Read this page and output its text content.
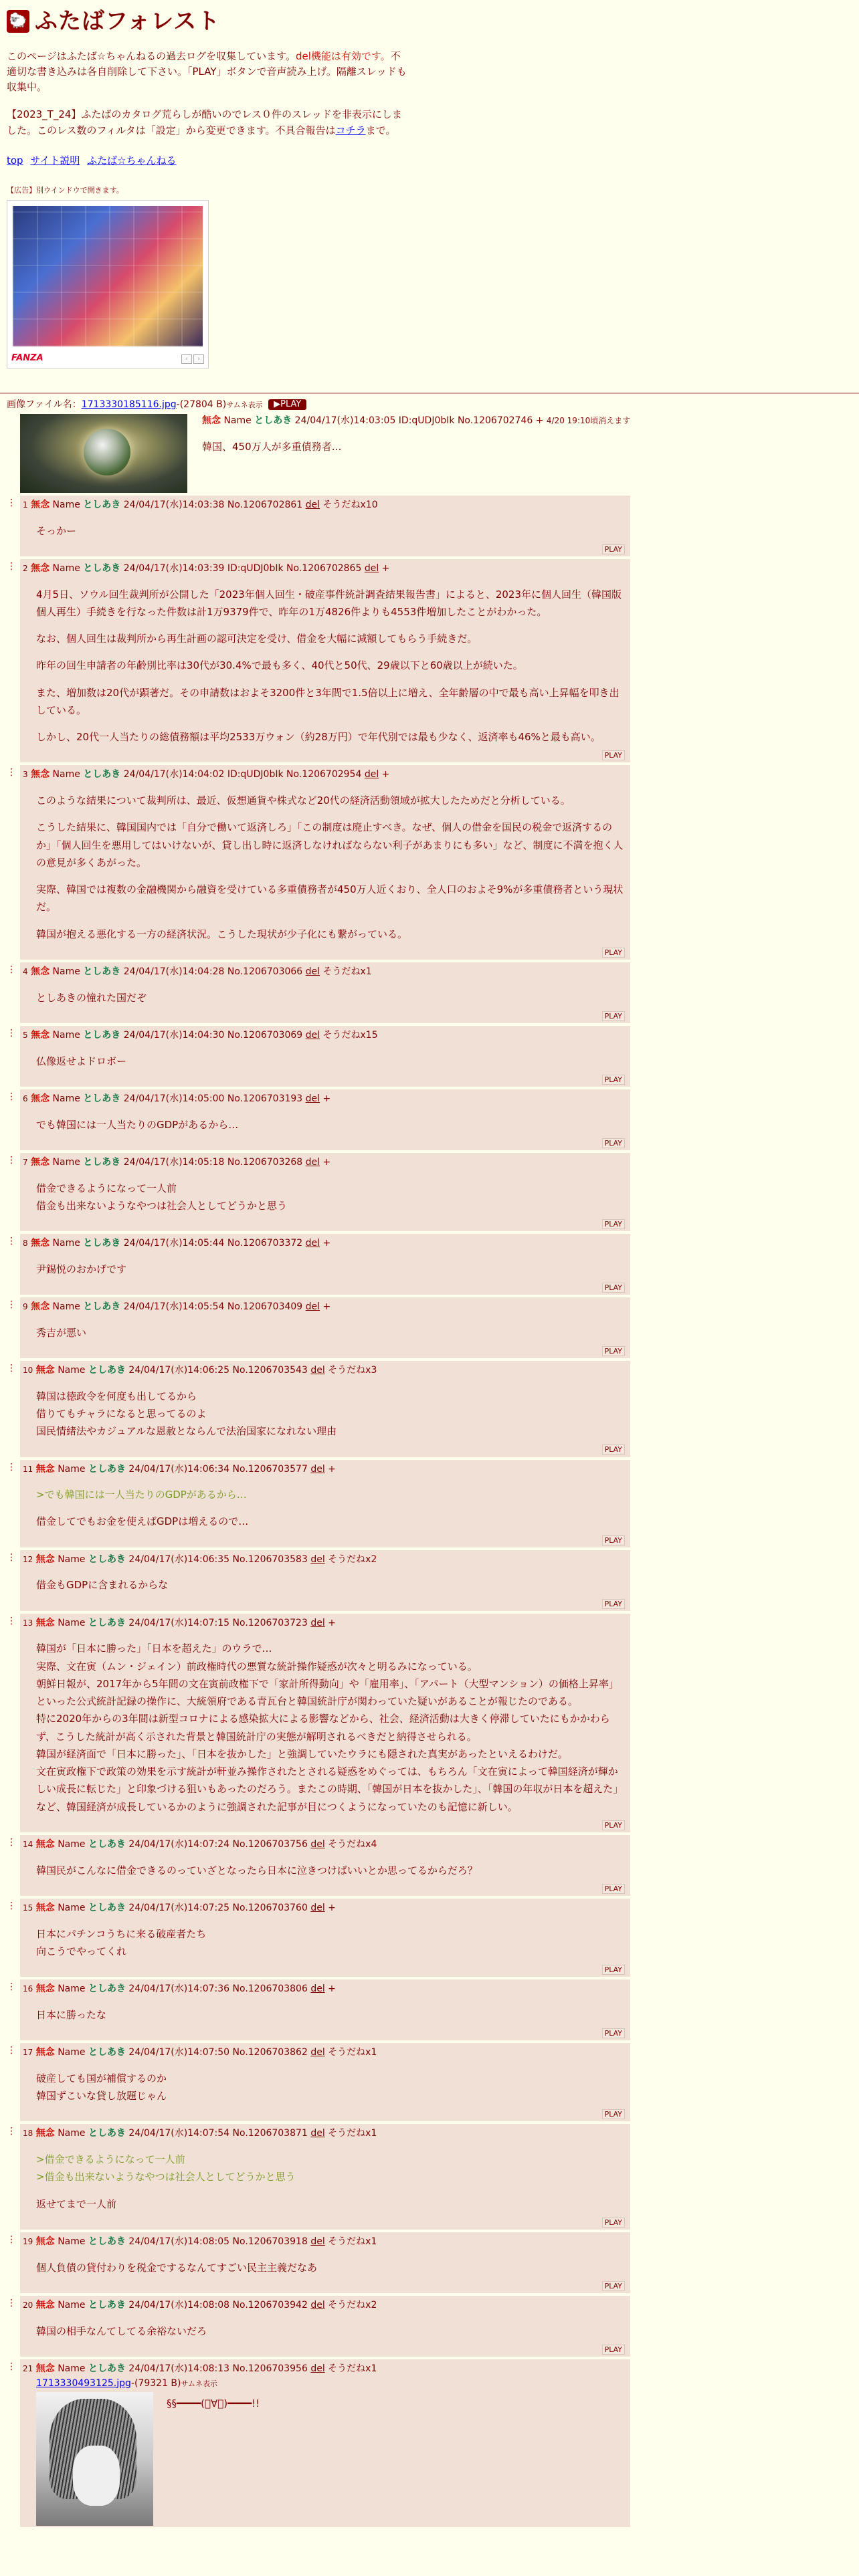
🐑 ふたばフォレスト
このページはふたば☆ちゃんねるの過去ログを収集しています。del機能は有効です。不適切な書き込みは各自削除して下さい。「PLAY」ボタンで音声読み上げ。隔離スレッドも収集中。
【2023_T_24】ふたばのカタログ荒らしが酷いのでレス０件のスレッドを非表示にしました。このレス数のフィルタは「設定」から変更できます。不具合報告はコチラまで。
top サイト説明 ふたば☆ちゃんねる
【広告】別ウインドウで開きます。
FANZA	‹	›
画像ファイル名：1713330185116.jpg-(27804 B)サムネ表示 ▶PLAY
無念 Name としあき 24/04/17(水)14:03:05 ID:qUDJ0bIk No.1206702746 + 4/20 19:10頃消えます
韓国、450万人が多重債務者…
⋮ 1 無念 Name としあき 24/04/17(水)14:03:38 No.1206702861 del そうだねx10

そっかー

PLAY
⋮ 2 無念 Name としあき 24/04/17(水)14:03:39 ID:qUDJ0bIk No.1206702865 del +

4月5日、ソウル回生裁判所が公開した「2023年個人回生・破産事件統計調査結果報告書」によると、2023年に個人回生（韓国版個人再生）手続きを行なった件数は計1万9379件で、昨年の1万4826件よりも4553件増加したことがわかった。

なお、個人回生は裁判所から再生計画の認可決定を受け、借金を大幅に減額してもらう手続きだ。

昨年の回生申請者の年齢別比率は30代が30.4%で最も多く、40代と50代、29歳以下と60歳以上が続いた。

また、増加数は20代が顕著だ。その申請数はおよそ3200件と3年間で1.5倍以上に増え、全年齢層の中で最も高い上昇幅を叩き出している。

しかし、20代一人当たりの総債務額は平均2533万ウォン（約28万円）で年代別では最も少なく、返済率も46%と最も高い。

PLAY
⋮ 3 無念 Name としあき 24/04/17(水)14:04:02 ID:qUDJ0bIk No.1206702954 del +

このような結果について裁判所は、最近、仮想通貨や株式など20代の経済活動領域が拡大したためだと分析している。

こうした結果に、韓国国内では「自分で働いて返済しろ」「この制度は廃止すべき。なぜ、個人の借金を国民の税金で返済するのか」「個人回生を悪用してはいけないが、貸し出し時に返済しなければならない利子があまりにも多い」など、制度に不満を抱く人の意見が多くあがった。

実際、韓国では複数の金融機関から融資を受けている多重債務者が450万人近くおり、全人口のおよそ9%が多重債務者という現状だ。

韓国が抱える悪化する一方の経済状況。こうした現状が少子化にも繋がっている。

PLAY
⋮ 4 無念 Name としあき 24/04/17(水)14:04:28 No.1206703066 del そうだねx1

としあきの憧れた国だぞ

PLAY
⋮ 5 無念 Name としあき 24/04/17(水)14:04:30 No.1206703069 del そうだねx15

仏像返せよドロボー

PLAY
⋮ 6 無念 Name としあき 24/04/17(水)14:05:00 No.1206703193 del +

でも韓国には一人当たりのGDPがあるから…

PLAY
⋮ 7 無念 Name としあき 24/04/17(水)14:05:18 No.1206703268 del +

借金できるようになって一人前
借金も出来ないようなやつは社会人としてどうかと思う

PLAY
⋮ 8 無念 Name としあき 24/04/17(水)14:05:44 No.1206703372 del +

尹錫悦のおかげです

PLAY
⋮ 9 無念 Name としあき 24/04/17(水)14:05:54 No.1206703409 del +

秀吉が悪い

PLAY
⋮ 10 無念 Name としあき 24/04/17(水)14:06:25 No.1206703543 del そうだねx3

韓国は徳政令を何度も出してるから
借りてもチャラになると思ってるのよ
国民情緒法やカジュアルな恩赦とならんで法治国家になれない理由

PLAY
⋮ 11 無念 Name としあき 24/04/17(水)14:06:34 No.1206703577 del +

>でも韓国には一人当たりのGDPがあるから…

借金してでもお金を使えばGDPは増えるので…

PLAY
⋮ 12 無念 Name としあき 24/04/17(水)14:06:35 No.1206703583 del そうだねx2

借金もGDPに含まれるからな

PLAY
⋮ 13 無念 Name としあき 24/04/17(水)14:07:15 No.1206703723 del +

韓国が「日本に勝った」「日本を超えた」のウラで…
実際、文在寅（ムン・ジェイン）前政権時代の悪質な統計操作疑惑が次々と明るみになっている。
朝鮮日報が、2017年から5年間の文在寅前政権下で「家計所得動向」や「雇用率」、「アパート（大型マンション）の価格上昇率」といった公式統計記録の操作に、大統領府である青瓦台と韓国統計庁が関わっていた疑いがあることが報じたのである。
特に2020年からの3年間は新型コロナによる感染拡大による影響などから、社会、経済活動は大きく停滞していたにもかかわらず、こうした統計が高く示された背景と韓国統計庁の実態が解明されるべきだと納得させられる。
韓国が経済面で「日本に勝った」、「日本を抜かした」と強調していたウラにも隠された真実があったといえるわけだ。
文在寅政権下で政策の効果を示す統計が軒並み操作されたとされる疑惑をめぐっては、もちろん「文在寅によって韓国経済が輝かしい成長に転じた」と印象づける狙いもあったのだろう。またこの時期、「韓国が日本を抜かした」、「韓国の年収が日本を超えた」など、韓国経済が成長しているかのように強調された記事が目につくようになっていたのも記憶に新しい。

PLAY
⋮ 14 無念 Name としあき 24/04/17(水)14:07:24 No.1206703756 del そうだねx4

韓国民がこんなに借金できるのっていざとなったら日本に泣きつけばいいとか思ってるからだろ？

PLAY
⋮ 15 無念 Name としあき 24/04/17(水)14:07:25 No.1206703760 del +

日本にパチンコうちに来る破産者たち
向こうでやってくれ

PLAY
⋮ 16 無念 Name としあき 24/04/17(水)14:07:36 No.1206703806 del +

日本に勝ったな

PLAY
⋮ 17 無念 Name としあき 24/04/17(水)14:07:50 No.1206703862 del そうだねx1

破産しても国が補償するのか
韓国ずこいな貸し放題じゃん

PLAY
⋮ 18 無念 Name としあき 24/04/17(水)14:07:54 No.1206703871 del そうだねx1

>借金できるようになって一人前
>借金も出来ないようなやつは社会人としてどうかと思う

返せてまで一人前

PLAY
⋮ 19 無念 Name としあき 24/04/17(水)14:08:05 No.1206703918 del そうだねx1

個人負債の貸付わりを税金でするなんてすごい民主主義だなあ

PLAY
⋮ 20 無念 Name としあき 24/04/17(水)14:08:08 No.1206703942 del そうだねx2

韓国の相手なんてしてる余裕ないだろ

PLAY
⋮ 21 無念 Name としあき 24/04/17(水)14:08:13 No.1206703956 del そうだねx1
1713330493125.jpg-(79321 B)サムネ表示
§§━━━━(ﾟ∀ﾟ)━━━━!!
